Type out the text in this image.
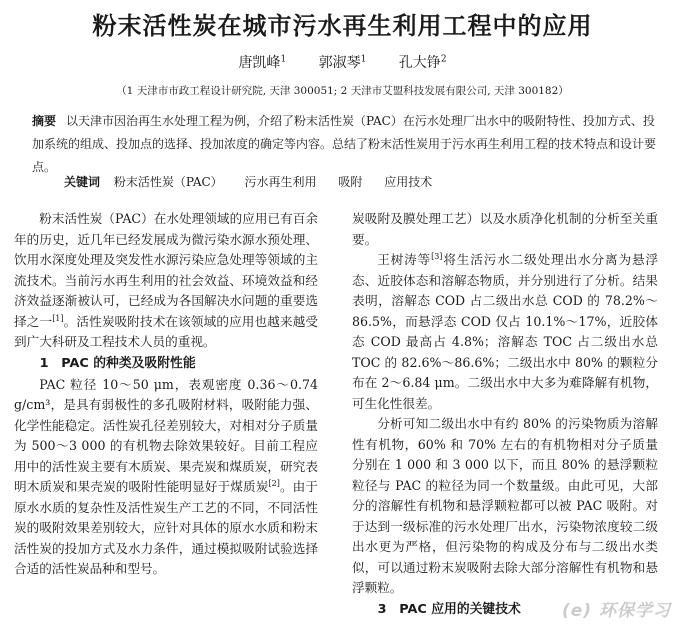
粉末活性炭在城市污水再生利用工程中的应用
唐凯峰$^1$ 郭淑琴$^1$ 孔大铮$^2$
（1 天津市市政工程设计研究院, 天津 300051; 2 天津市艾盟科技发展有限公司, 天津 300182）
摘要 以天津市因治再生水处理工程为例，介绍了粉末活性炭（PAC）在污水处理厂出水中的吸附特性、投加方式、投加系统的组成、投加点的选择、投加浓度的确定等内容。总结了粉末活性炭用于污水再生利用工程的技术特点和设计要点。
关键词 粉末活性炭（PAC） 污水再生利用 吸附 应用技术

粉末活性炭（PAC）在水处理领域的应用已有百余年的历史，近几年已经发展成为微污染水源水预处理、饮用水深度处理及突发性水源污染应急处理等领域的主流技术。当前污水再生利用的社会效益、环境效益和经济效益逐渐被认可，已经成为各国解决水问题的重要选择之一[1]。活性炭吸附技术在该领域的应用也越来越受到广大科研及工程技术人员的重视。

1　PAC 的种类及吸附性能

PAC 粒径 10～50 μm，表观密度 0.36～0.74 g/cm³，是具有弱极性的多孔吸附材料，吸附能力强、化学性能稳定。活性炭孔径差别较大，对相对分子质量为 500～3 000 的有机物去除效果较好。目前工程应用中的活性炭主要有木质炭、果壳炭和煤质炭，研究表明木质炭和果壳炭的吸附性能明显好于煤质炭[2]。由于原水水质的复杂性及活性炭生产工艺的不同，不同活性炭的吸附效果差别较大，应针对具体的原水水质和粉末活性炭的投加方式及水力条件，通过模拟吸附试验选择合适的活性炭品种和型号。

炭吸附及膜处理工艺）以及水质净化机制的分析至关重要。

王树涛等[3]将生活污水二级处理出水分离为悬浮态、近胶体态和溶解态物质，并分别进行了分析。结果表明，溶解态 COD 占二级出水总 COD 的 78.2%～86.5%，而悬浮态 COD 仅占 10.1%～17%，近胶体态 COD 最高占 4.8%；溶解态 TOC 占二级出水总 TOC 的 82.6%～86.6%；二级出水中 80% 的颗粒分布在 2～6.84 μm。二级出水中大多为难降解有机物，可生化性很差。

分析可知二级出水中有约 80% 的污染物质为溶解性有机物，60% 和 70% 左右的有机物相对分子质量分别在 1 000 和 3 000 以下，而且 80% 的悬浮颗粒粒径与 PAC 的粒径为同一个数量级。由此可见，大部分的溶解性有机物和悬浮颗粒都可以被 PAC 吸附。对于达到一级标准的污水处理厂出水，污染物浓度较二级出水更为严格，但污染物的构成及分布与二级出水类似，可以通过粉末炭吸附去除大部分溶解性有机物和悬浮颗粒。

3　PAC 应用的关键技术	(e) 环保学习
